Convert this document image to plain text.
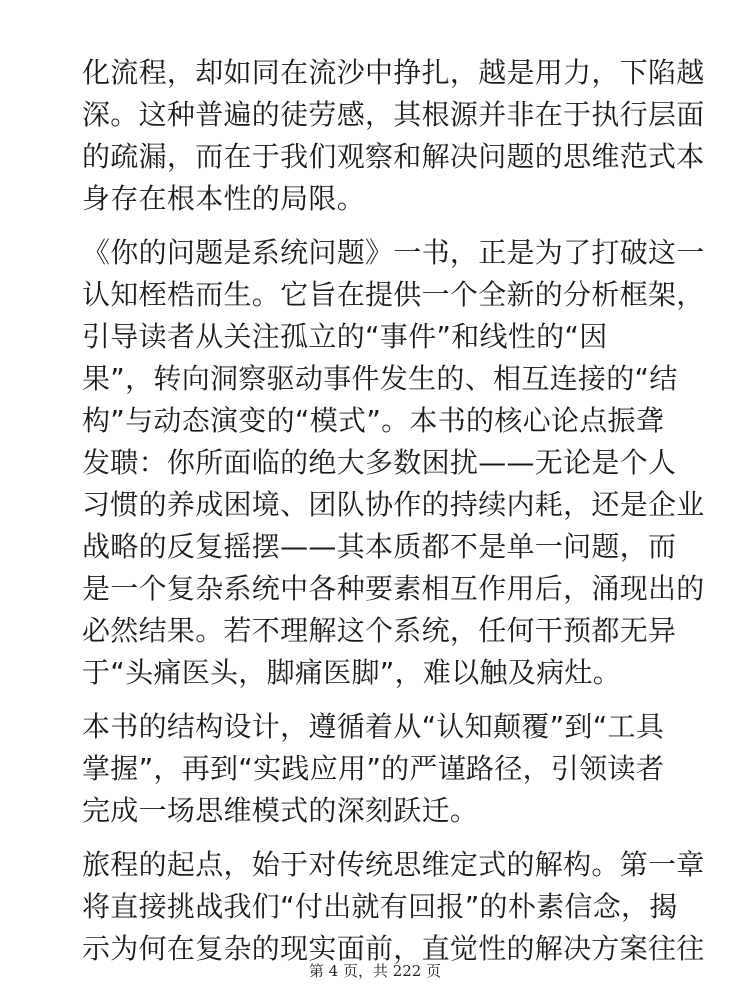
化流程，却如同在流沙中挣扎，越是用力，下陷越
深。这种普遍的徒劳感，其根源并非在于执行层面
的疏漏，而在于我们观察和解决问题的思维范式本
身存在根本性的局限。

《你的问题是系统问题》一书，正是为了打破这一
认知桎梏而生。它旨在提供一个全新的分析框架，
引导读者从关注孤立的“事件”和线性的“因
果”，转向洞察驱动事件发生的、相互连接的“结
构”与动态演变的“模式”。本书的核心论点振聋
发聩：你所面临的绝大多数困扰——无论是个人
习惯的养成困境、团队协作的持续内耗，还是企业
战略的反复摇摆——其本质都不是单一问题，而
是一个复杂系统中各种要素相互作用后，涌现出的
必然结果。若不理解这个系统，任何干预都无异
于“头痛医头，脚痛医脚”，难以触及病灶。

本书的结构设计，遵循着从“认知颠覆”到“工具
掌握”，再到“实践应用”的严谨路径，引领读者
完成一场思维模式的深刻跃迁。

旅程的起点，始于对传统思维定式的解构。第一章
将直接挑战我们“付出就有回报”的朴素信念，揭
示为何在复杂的现实面前，直觉性的解决方案往往

第 4 页，共 222 页
